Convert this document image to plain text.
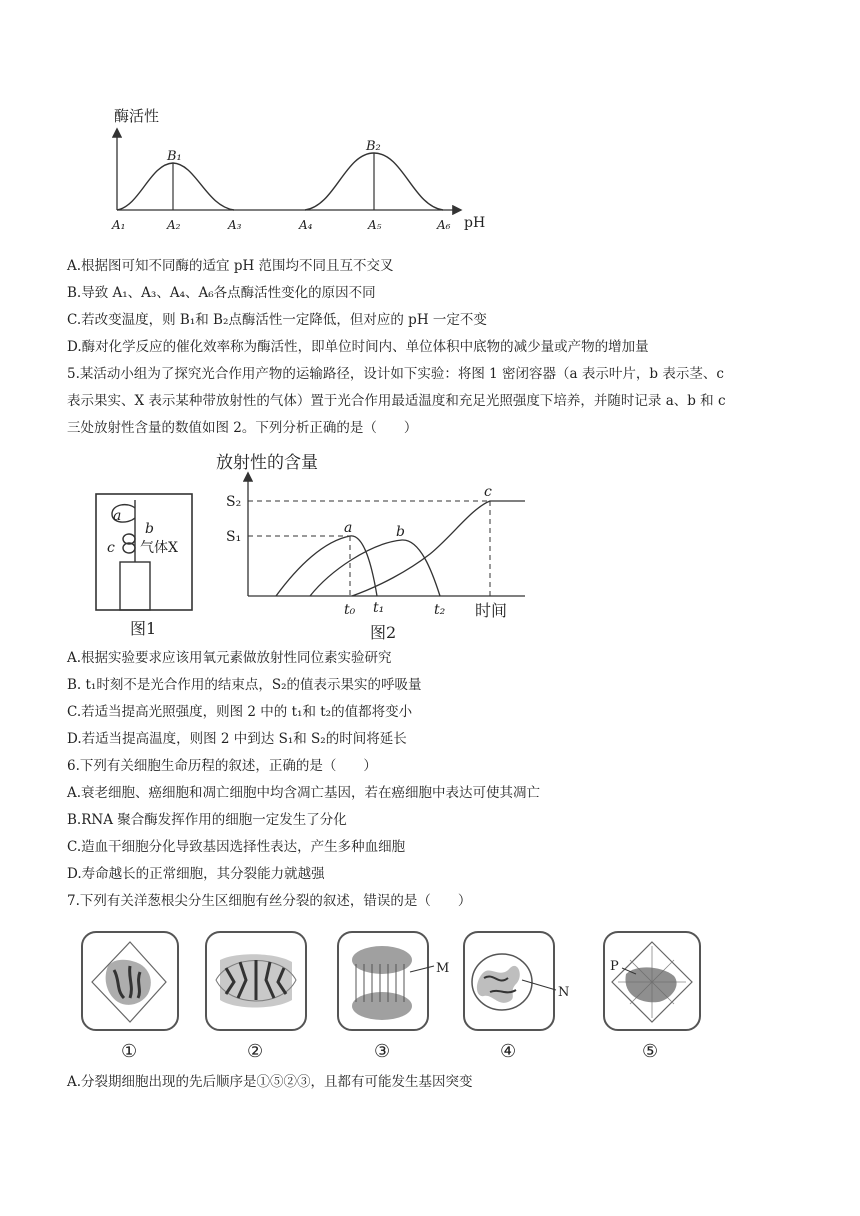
酶活性
pH
B₁
B₂
A₁	A₂	A₃	A₄	A₅	A₆
A.根据图可知不同酶的适宜 pH 范围均不同且互不交叉
B.导致 A₁、A₃、A₄、A₆各点酶活性变化的原因不同
C.若改变温度，则 B₁和 B₂点酶活性一定降低，但对应的 pH 一定不变
D.酶对化学反应的催化效率称为酶活性，即单位时间内、单位体积中底物的减少量或产物的增加量
5.某活动小组为了探究光合作用产物的运输路径，设计如下实验：将图 1 密闭容器（a 表示叶片，b 表示茎、c
表示果实、X 表示某种带放射性的气体）置于光合作用最适温度和充足光照强度下培养，并随时记录 a、b 和 c
三处放射性含量的数值如图 2。下列分析正确的是（　　）
a
b
c 气体X
图1
放射性的含量
S₂
S₁
a	b
c
t₀ t₁	t₂ 时间
图2
A.根据实验要求应该用氧元素做放射性同位素实验研究
B. t₁时刻不是光合作用的结束点，S₂的值表示果实的呼吸量
C.若适当提高光照强度，则图 2 中的 t₁和 t₂的值都将变小
D.若适当提高温度，则图 2 中到达 S₁和 S₂的时间将延长
6.下列有关细胞生命历程的叙述，正确的是（　　）
A.衰老细胞、癌细胞和凋亡细胞中均含凋亡基因，若在癌细胞中表达可使其凋亡
B.RNA 聚合酶发挥作用的细胞一定发生了分化
C.造血干细胞分化导致基因选择性表达，产生多种血细胞
D.寿命越长的正常细胞，其分裂能力就越强
7.下列有关洋葱根尖分生区细胞有丝分裂的叙述，错误的是（　　）
M
N
P
①	②	③	④	⑤
A.分裂期细胞出现的先后顺序是①⑤②③，且都有可能发生基因突变
